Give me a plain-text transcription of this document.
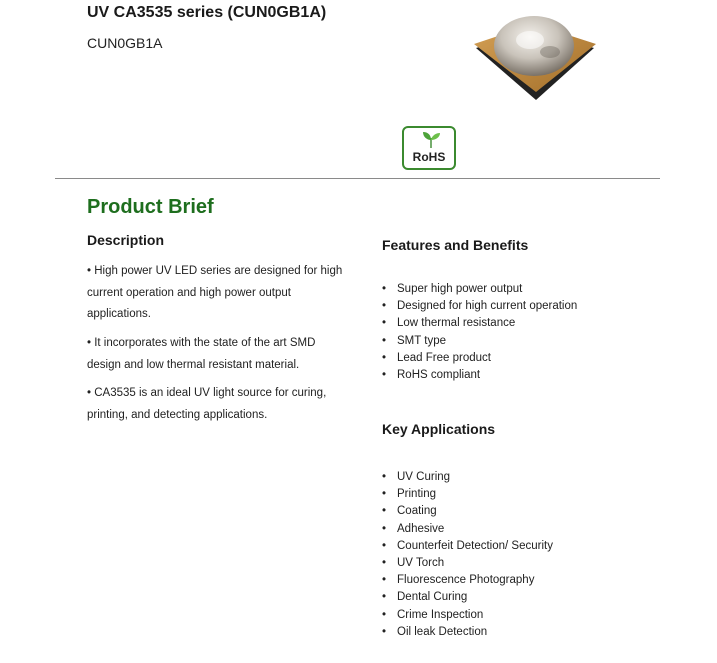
UV CA3535 series (CUN0GB1A)
CUN0GB1A
RoHS
Product Brief
Description
• High power UV LED series are designed for high current operation and high power output applications.
• It incorporates with the state of the art SMD design and low thermal resistant material.
• CA3535 is an ideal UV light source for curing, printing, and detecting applications.
Features and Benefits
• Super high power output
• Designed for high current operation
• Low thermal resistance
• SMT type
• Lead Free product
• RoHS compliant
Key Applications
• UV Curing
• Printing
• Coating
• Adhesive
• Counterfeit Detection/ Security
• UV Torch
• Fluorescence Photography
• Dental Curing
• Crime Inspection
• Oil leak Detection
